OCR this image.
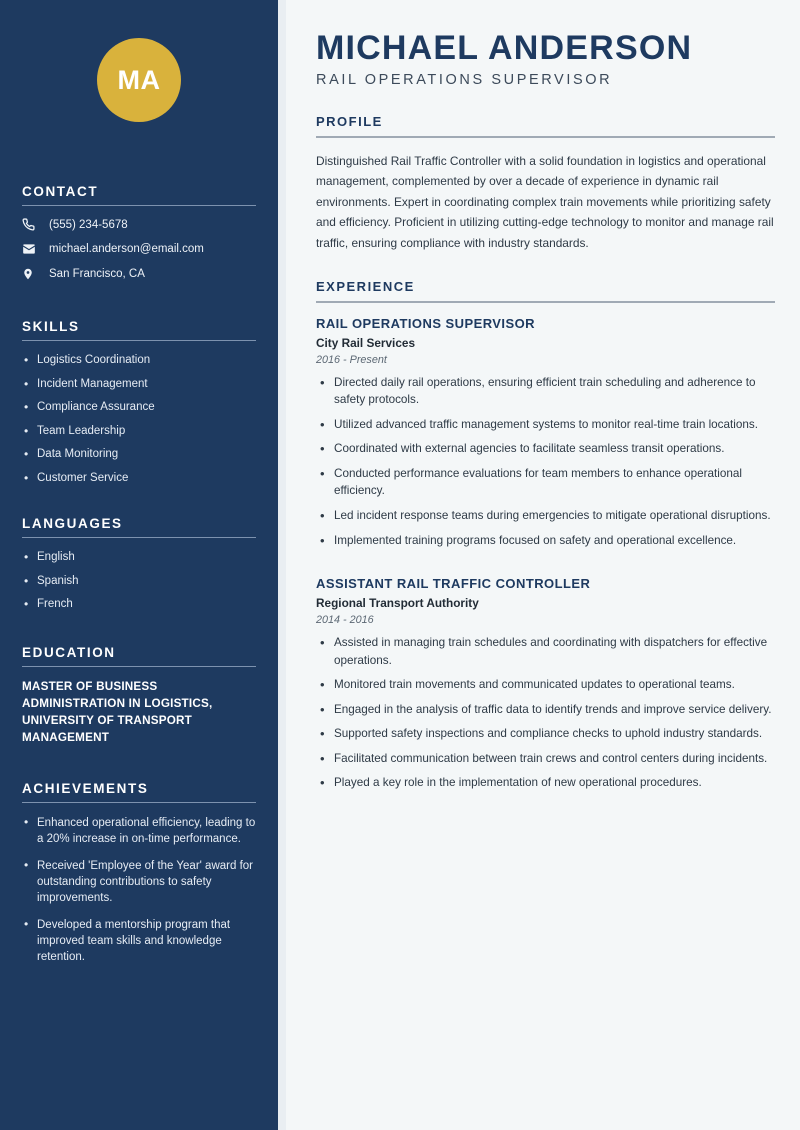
MA
CONTACT
(555) 234-5678
michael.anderson@email.com
San Francisco, CA
SKILLS
• Logistics Coordination
• Incident Management
• Compliance Assurance
• Team Leadership
• Data Monitoring
• Customer Service
LANGUAGES
• English
• Spanish
• French
EDUCATION
MASTER OF BUSINESS ADMINISTRATION IN LOGISTICS, UNIVERSITY OF TRANSPORT MANAGEMENT
ACHIEVEMENTS
• Enhanced operational efficiency, leading to a 20% increase in on-time performance.
• Received 'Employee of the Year' award for outstanding contributions to safety improvements.
• Developed a mentorship program that improved team skills and knowledge retention.
MICHAEL ANDERSON
RAIL OPERATIONS SUPERVISOR
PROFILE

Distinguished Rail Traffic Controller with a solid foundation in logistics and operational management, complemented by over a decade of experience in dynamic rail environments. Expert in coordinating complex train movements while prioritizing safety and efficiency. Proficient in utilizing cutting-edge technology to monitor and manage rail traffic, ensuring compliance with industry standards.

EXPERIENCE
RAIL OPERATIONS SUPERVISOR
City Rail Services
2016 - Present
• Directed daily rail operations, ensuring efficient train scheduling and adherence to safety protocols.
• Utilized advanced traffic management systems to monitor real-time train locations.
• Coordinated with external agencies to facilitate seamless transit operations.
• Conducted performance evaluations for team members to enhance operational efficiency.
• Led incident response teams during emergencies to mitigate operational disruptions.
• Implemented training programs focused on safety and operational excellence.
ASSISTANT RAIL TRAFFIC CONTROLLER
Regional Transport Authority
2014 - 2016
• Assisted in managing train schedules and coordinating with dispatchers for effective operations.
• Monitored train movements and communicated updates to operational teams.
• Engaged in the analysis of traffic data to identify trends and improve service delivery.
• Supported safety inspections and compliance checks to uphold industry standards.
• Facilitated communication between train crews and control centers during incidents.
• Played a key role in the implementation of new operational procedures.
